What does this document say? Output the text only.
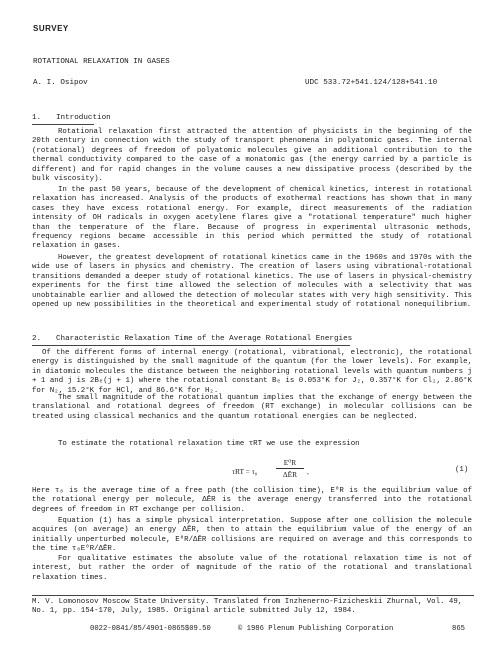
SURVEY
ROTATIONAL RELAXATION IN GASES
A. I. Osipov	UDC 533.72+541.124/128+541.10
1. Introduction

Rotational relaxation first attracted the attention of physicists in the beginning of the 20th century in connection with the study of transport phenomena in polyatomic gases. The internal (rotational) degrees of freedom of polyatomic molecules give an additional contribution to the thermal conductivity compared to the case of a monatomic gas (the energy carried by a particle is different) and for rapid changes in the volume causes a new dissipative process (described by the bulk viscosity).

In the past 50 years, because of the development of chemical kinetics, interest in rotational relaxation has increased. Analysis of the products of exothermal reactions has shown that in many cases they have excess rotational energy. For example, direct measurements of the radiation intensity of OH radicals in oxygen acetylene flares give a "rotational temperature" much higher than the temperature of the flare. Because of progress in experimental ultrasonic methods, frequency regions became accessible in this period which permitted the study of rotational relaxation in gases.

However, the greatest development of rotational kinetics came in the 1960s and 1970s with the wide use of lasers in physics and chemistry. The creation of lasers using vibrational-rotational transitions demanded a deeper study of rotational kinetics. The use of lasers in physical-chemistry experiments for the first time allowed the selection of molecules with a selectivity that was unobtainable earlier and allowed the detection of molecular states with very high sensitivity. This opened up new possibilities in the theoretical and experimental study of rotational nonequilibrium.

2. Characteristic Relaxation Time of the Average Rotational Energies

Of the different forms of internal energy (rotational, vibrational, electronic), the rotational energy is distinguished by the small magnitude of the quantum (for the lower levels). For example, in diatomic molecules the distance between the neighboring rotational levels with quantum numbers j + 1 and j is 2Bₑ(j + 1) where the rotational constant Bₑ is 0.053°K for J₂, 0.357°K for Cl₂, 2.86°K for N₂, 15.2°K for HCl, and 86.6°K for H₂.

The small magnitude of the rotational quantum implies that the exchange of energy between the translational and rotational degrees of freedom (RT exchange) in molecular collisions can be treated using classical mechanics and the quantum rotational energies can be neglected.

To estimate the rotational relaxation time τRT we use the expression

τRT = τ₀
E⁰R
ΔĒR	,	(1)

Here τ₀ is the average time of a free path (the collision time), E⁰R is the equilibrium value of the rotational energy per molecule, ΔĒR is the average energy transferred into the rotational degrees of freedom in RT exchange per collision.

Equation (1) has a simple physical interpretation. Suppose after one collision the molecule acquires (on average) an energy ΔĒR, then to attain the equilibrium value of the energy of an initially unperturbed molecule, E⁰R/ΔĒR collisions are required on average and this corresponds to the time τ₀E⁰R/ΔĒR.

For qualitative estimates the absolute value of the rotational relaxation time is not of interest, but rather the order of magnitude of the ratio of the rotational and translational relaxation times.

M. V. Lomonosov Moscow State University. Translated from Inzhenerno-Fizicheskii Zhurnal, Vol. 49, No. 1, pp. 154-170, July, 1985. Original article submitted July 12, 1984.

0022-0841/85/4901-0865$09.50	© 1986 Plenum Publishing Corporation	865
